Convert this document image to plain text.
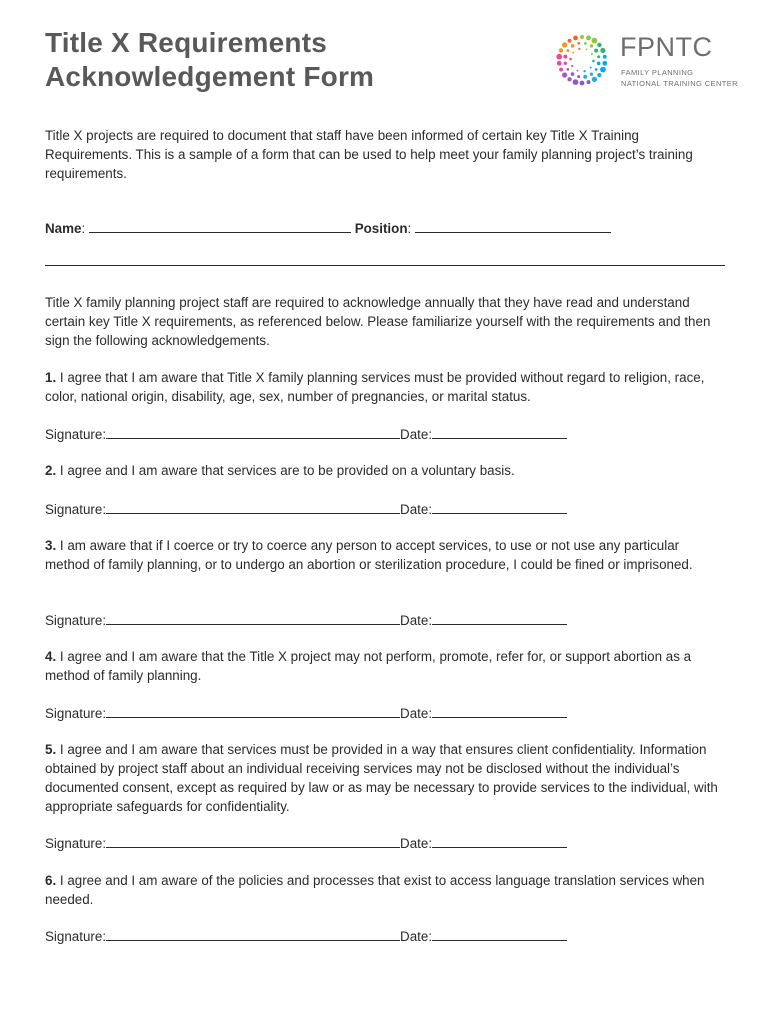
Title X Requirements
Acknowledgement Form
FPNTC
FAMILY PLANNING
NATIONAL TRAINING CENTER

Title X projects are required to document that staff have been informed of certain key Title X Training Requirements. This is a sample of a form that can be used to help meet your family planning project’s training requirements.

Name:	Position:

Title X family planning project staff are required to acknowledge annually that they have read and understand certain key Title X requirements, as referenced below. Please familiarize yourself with the requirements and then sign the following acknowledgements.

1. I agree that I am aware that Title X family planning services must be provided without regard to religion, race, color, national origin, disability, age, sex, number of pregnancies, or marital status.

Signature:	Date:

2. I agree and I am aware that services are to be provided on a voluntary basis.

Signature:	Date:

3. I am aware that if I coerce or try to coerce any person to accept services, to use or not use any particular method of family planning, or to undergo an abortion or sterilization procedure, I could be fined or imprisoned.

Signature:	Date:

4. I agree and I am aware that the Title X project may not perform, promote, refer for, or support abortion as a method of family planning.

Signature:	Date:

5. I agree and I am aware that services must be provided in a way that ensures client confidentiality. Information obtained by project staff about an individual receiving services may not be disclosed without the individual’s documented consent, except as required by law or as may be necessary to provide services to the individual, with appropriate safeguards for confidentiality.

Signature:	Date:

6. I agree and I am aware of the policies and processes that exist to access language translation services when needed.

Signature:	Date:
